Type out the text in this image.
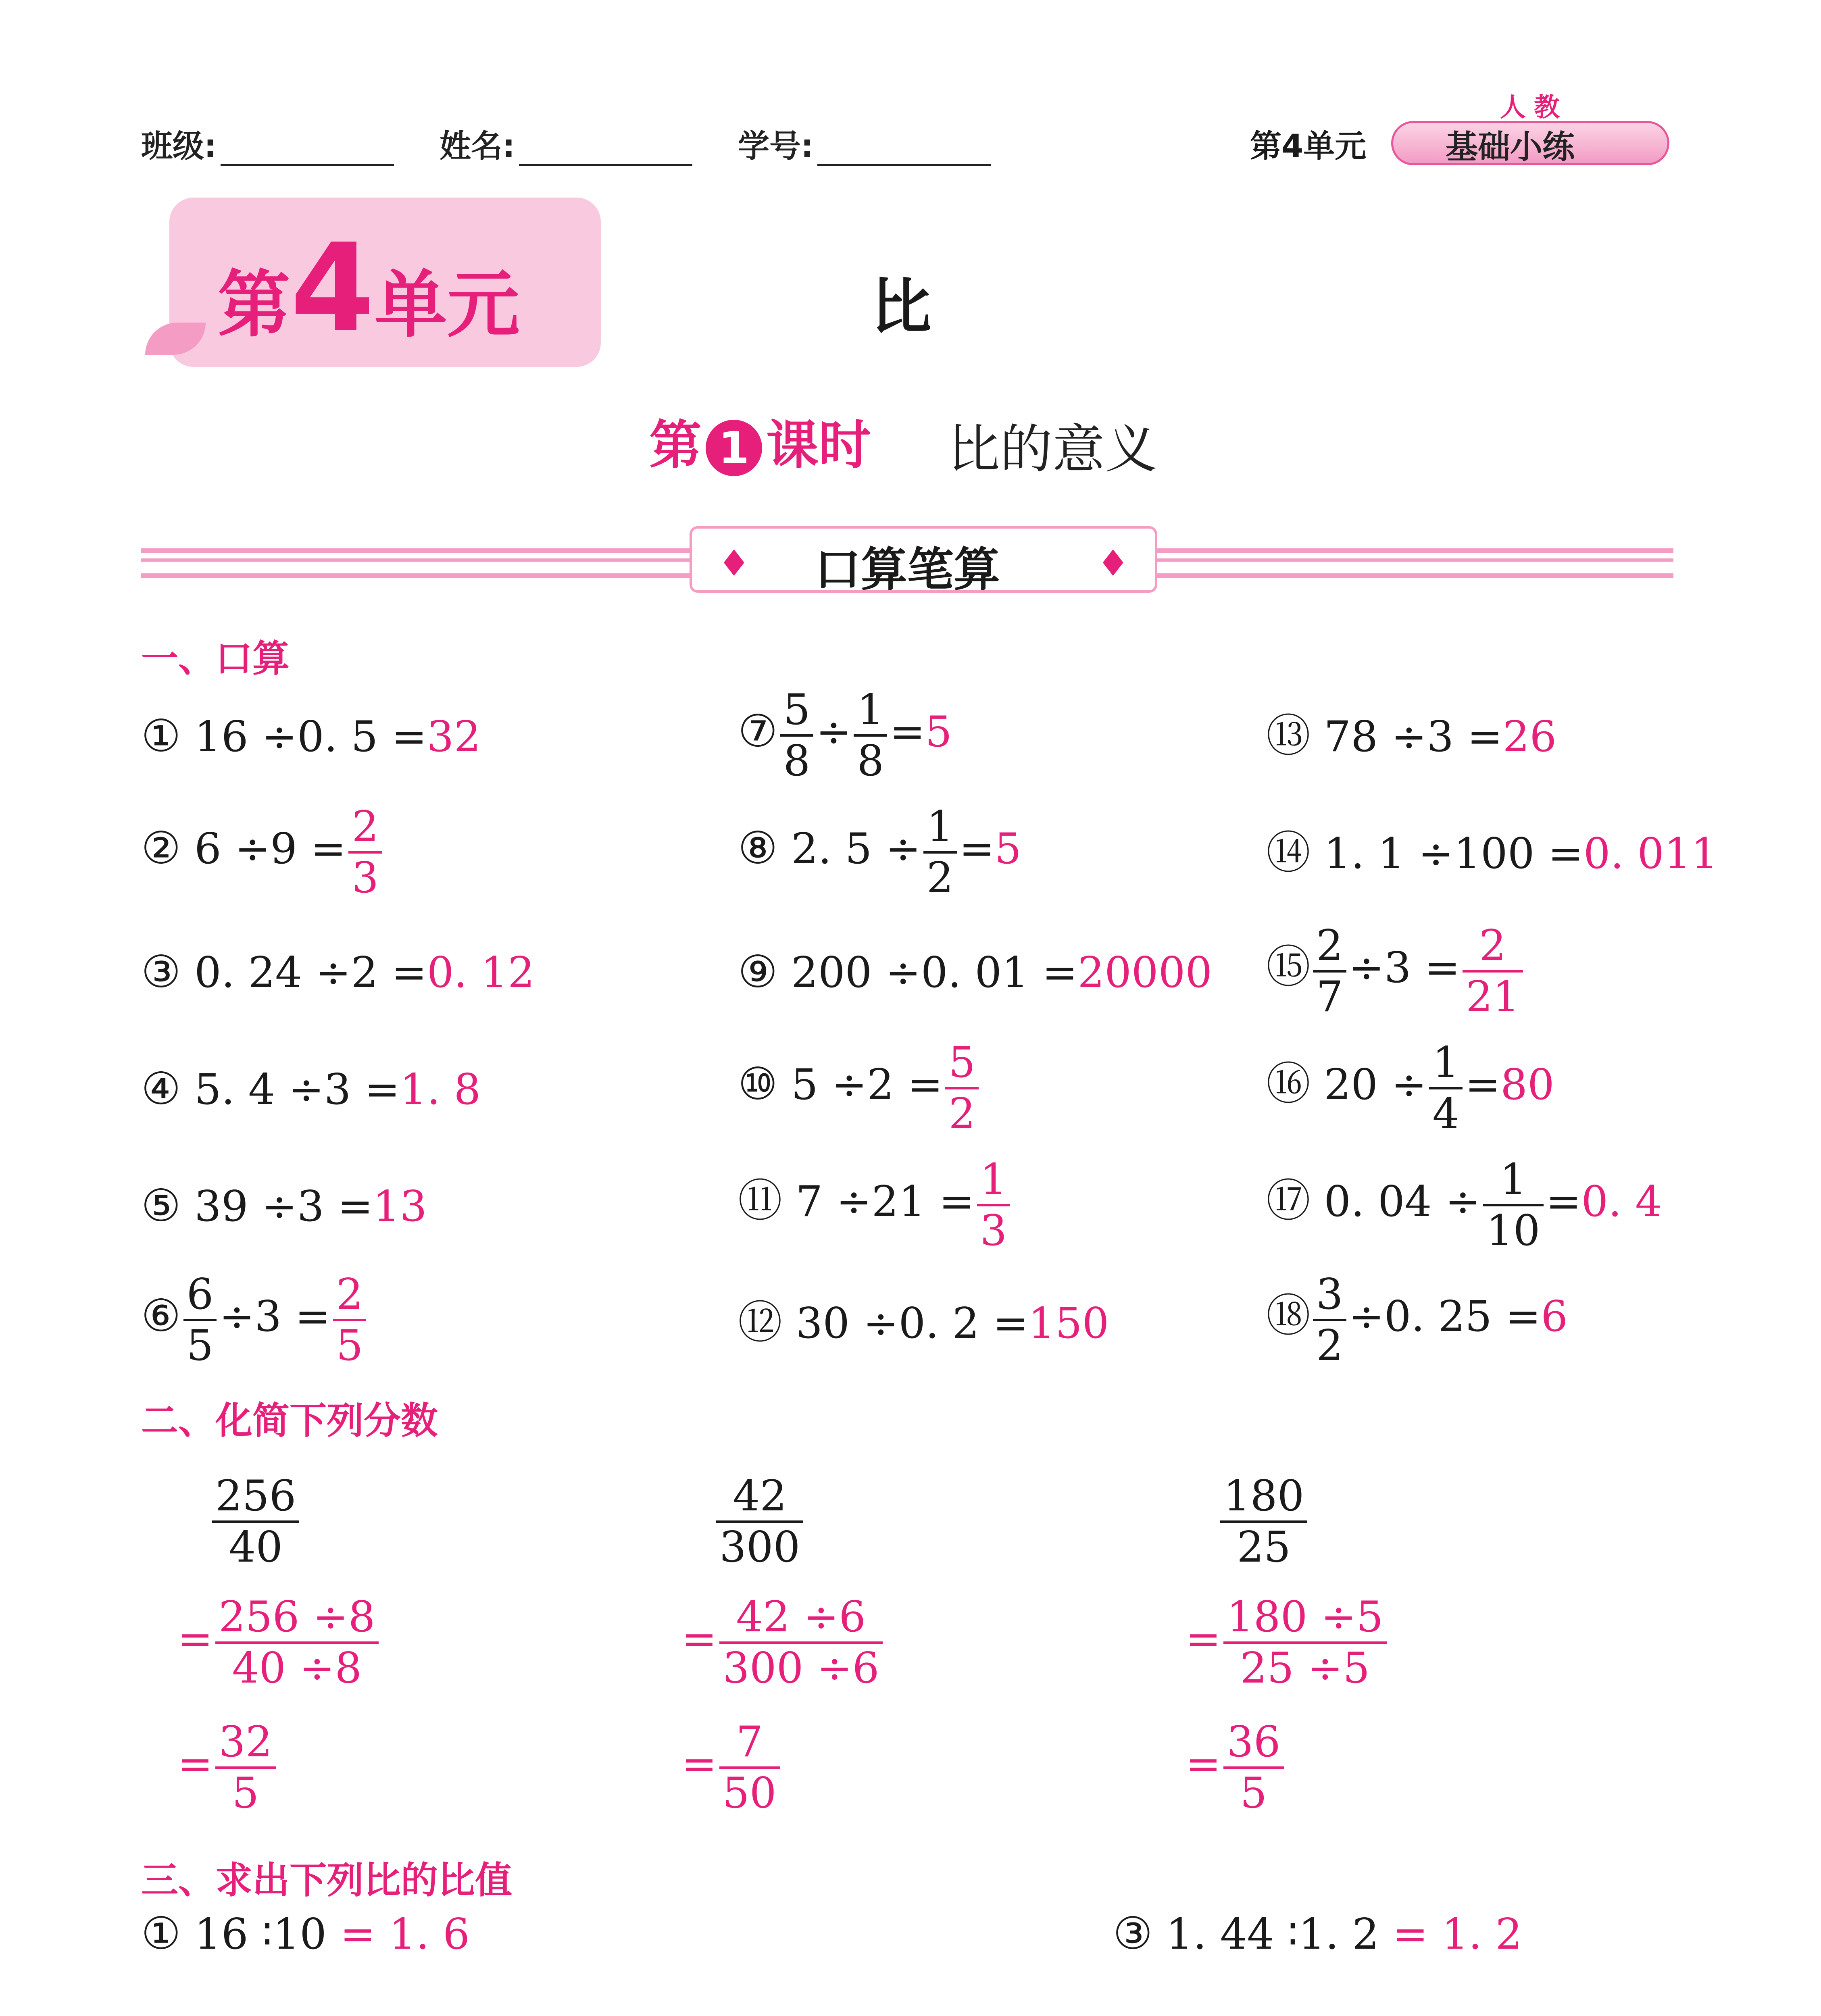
班级:	姓名:	学号:	第4单元
人教
基础小练
第4单元	比
第 1 课时 比的意义
♦	♦
口算笔算
一、口算
① 16 ÷0. 5 =32
② $6 \div 9 = \frac{2}{3}$
③ 0. 24 ÷2 =0. 12
④ 5. 4 ÷3 =1. 8
⑤ 39 ÷3 =13
⑥ $\frac{6}{5} \div 3 = \frac{2}{5}$
⑦ $\frac{5}{8} \div \frac{1}{8} =5$
⑧ 2. $5 \div \frac{1}{2} =5$
⑨ 200 ÷0. 01 =20000
⑩ $5 \div 2 = \frac{5}{2}$
⑪ $7 \div 21 = \frac{1}{3}$
⑫ 30 ÷0. 2 =150
⑬ 78 ÷3 =26
⑭ 1. 1 ÷100 =0. 011
⑮ $\frac{2}{7} \div 3 = \frac{2}{21}$
⑯ $20 \div \frac{1}{4} =80$
⑰ 0. $04 \div \frac{1}{10} =0$. 4
⑱ $\frac{3}{2} \div 0$. 25 =6
二、化简下列分数
$\frac{256}{40}$
= $\frac{256 \div 8}{40 \div 8}$
= $\frac{32}{5}$
$\frac{42}{300}$
= $\frac{42 \div 6}{300 \div 6}$
= $\frac{7}{50}$
$\frac{180}{25}$
= $\frac{180 \div 5}{25 \div 5}$
= $\frac{36}{5}$
三、求出下列比的比值
① 16 ∶10 = 1. 6	③ 1. 44 ∶1. 2 = 1. 2
